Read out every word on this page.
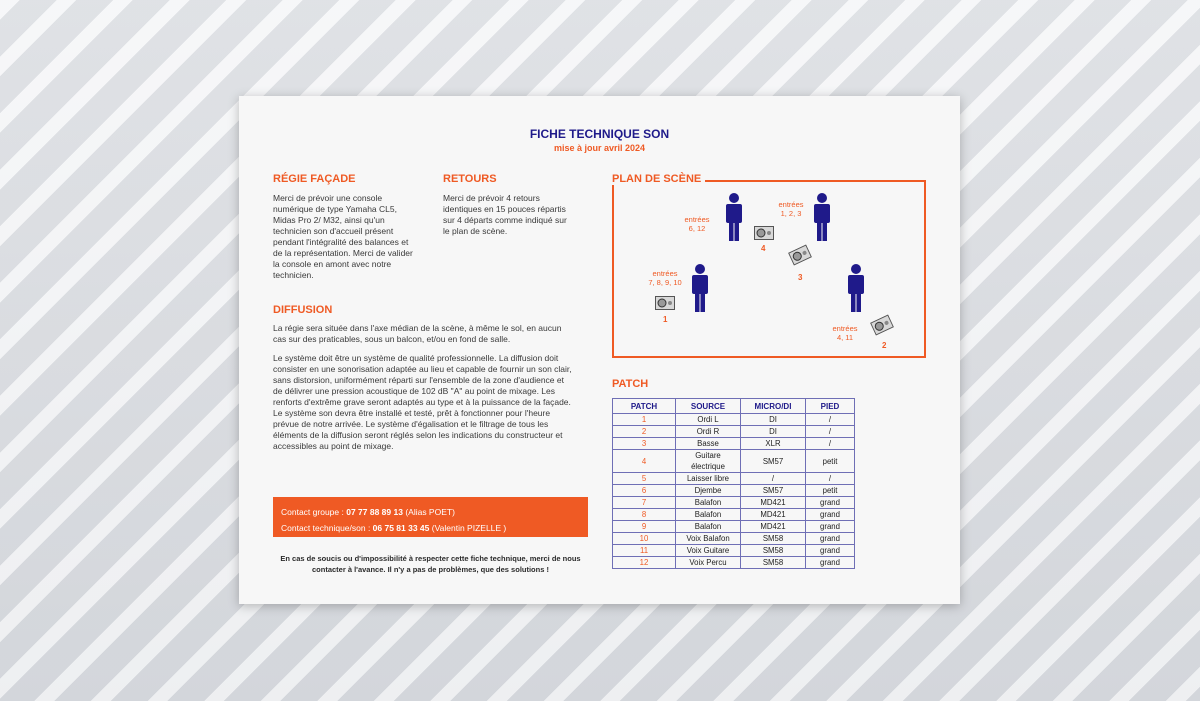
FICHE TECHNIQUE SON
mise à jour avril 2024
RÉGIE FAÇADE

Merci de prévoir une console numérique de type Yamaha CL5, Midas Pro 2/ M32, ainsi qu'un technicien son d'accueil présent pendant l'intégralité des balances et de la représentation. Merci de valider la console en amont avec notre technicien.

RETOURS

Merci de prévoir 4 retours identiques en 15 pouces répartis sur 4 départs comme indiqué sur le plan de scène.

DIFFUSION

La régie sera située dans l'axe médian de la scène, à même le sol, en aucun cas sur des praticables, sous un balcon, et/ou en fond de salle.

Le système doit être un système de qualité professionnelle. La diffusion doit consister en une sonorisation adaptée au lieu et capable de fournir un son clair, sans distorsion, uniformément réparti sur l'ensemble de la zone d'audience et de délivrer une pression acoustique de 102 dB "A" au point de mixage. Les renforts d'extrême grave seront adaptés au type et à la puissance de la façade. Le système son devra être installé et testé, prêt à fonctionner pour l'heure prévue de notre arrivée. Le système d'égalisation et le filtrage de tous les éléments de la diffusion seront réglés selon les indications du constructeur et accessibles au point de mixage.

Contact groupe : 07 77 88 89 13 (Alias POET)
Contact technique/son : 06 75 81 33 45 (Valentin PIZELLE )
En cas de soucis ou d'impossibilité à respecter cette fiche technique, merci de nous contacter à l'avance. Il n'y a pas de problèmes, que des solutions !
PLAN DE SCÈNE
entrées
6, 12
entrées
1, 2, 3
entrées
7, 8, 9, 10
entrées
4, 11
1
2
3
4
PATCH
PATCH	SOURCE	MICRO/DI	PIED
1	Ordi L	DI	/
2	Ordi R	DI	/
3	Basse	XLR	/
4	Guitare électrique	SM57	petit
5	Laisser libre	/	/
6	Djembe	SM57	petit
7	Balafon	MD421	grand
8	Balafon	MD421	grand
9	Balafon	MD421	grand
10	Voix Balafon	SM58	grand
11	Voix Guitare	SM58	grand
12	Voix Percu	SM58	grand
